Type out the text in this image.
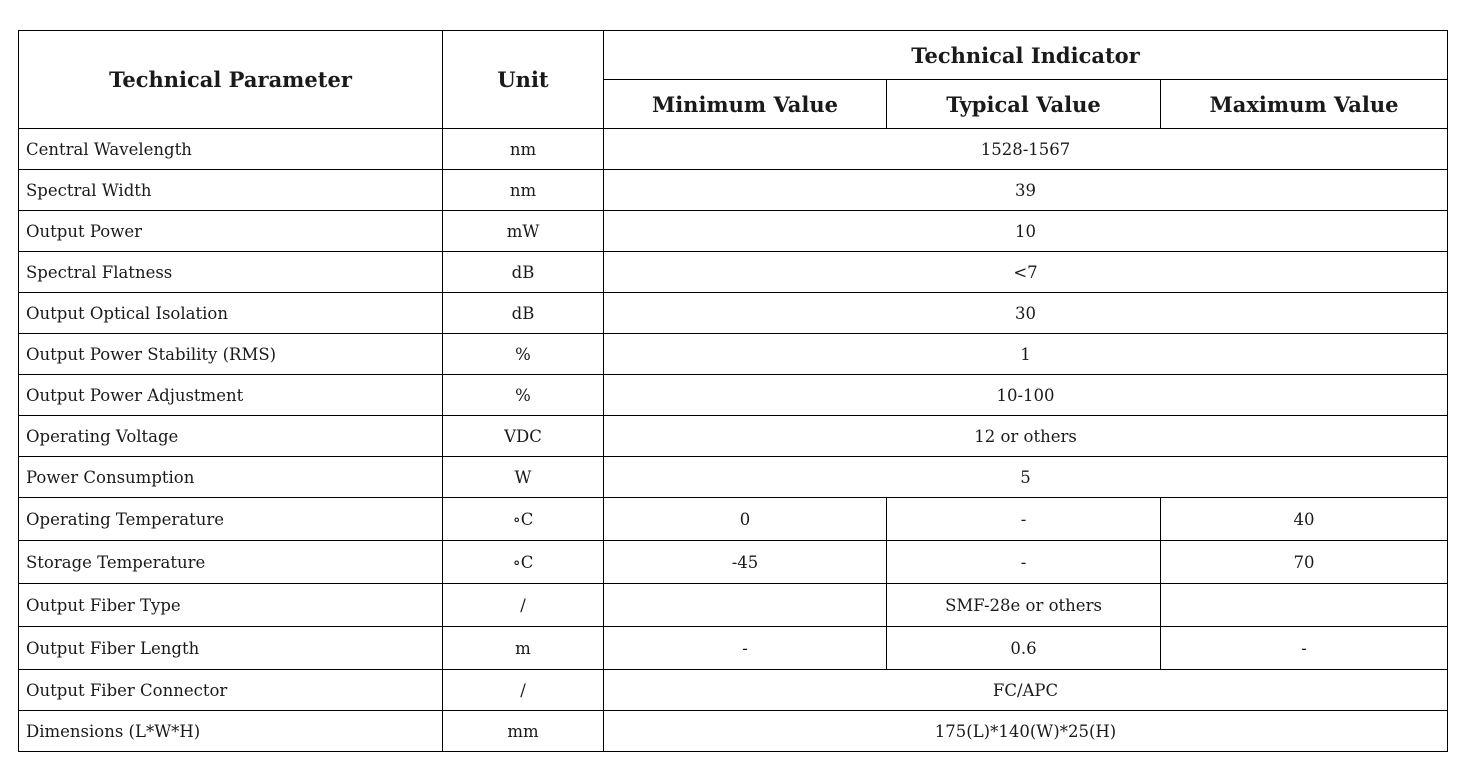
Technical Parameter	Unit	Technical Indicator		
		Minimum Value	Typical Value	Maximum Value
Central Wavelength	nm	1528-1567		
Spectral Width	nm	39		
Output Power	mW	10		
Spectral Flatness	dB	<7		
Output Optical Isolation	dB	30		
Output Power Stability (RMS)	%	1		
Output Power Adjustment	%	10-100		
Operating Voltage	VDC	12 or others		
Power Consumption	W	5		
Operating Temperature	∘C	0	-	40
Storage Temperature	∘C	-45	-	70
Output Fiber Type	/		SMF-28e or others	
Output Fiber Length	m	-	0.6	-
Output Fiber Connector	/	FC/APC		
Dimensions (L*W*H)	mm	175(L)*140(W)*25(H)		
